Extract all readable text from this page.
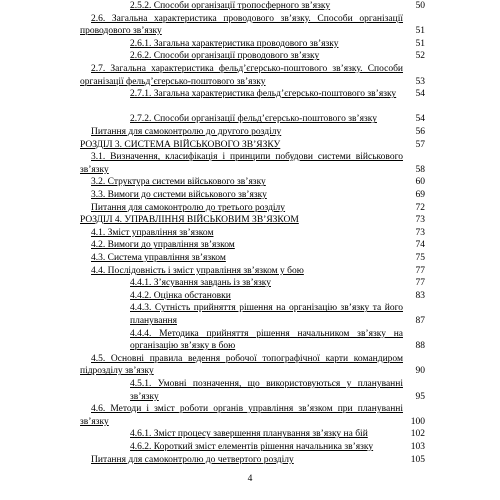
2.5.2. Способи організації тропосферного зв’язку	50
2.6. Загальна характеристика проводового зв’язку. Способи організації проводового зв’язку	51
2.6.1. Загальна характеристика проводового зв’язку	51
2.6.2. Способи організації проводового зв’язку	52
2.7. Загальна характеристика фельд’єгерсько-поштового зв’язку. Способи організації фельд’єгерсько-поштового зв’язку	53
2.7.1. Загальна характеристика фельд’єгерсько-поштового зв’язку	54
2.7.2. Способи організації фельд’єгерсько-поштового зв’язку	54
Питання для самоконтролю до другого розділу	56
РОЗДІЛ 3. СИСТЕМА ВІЙСЬКОВОГО ЗВ’ЯЗКУ	57
3.1. Визначення, класифікація і принципи побудови системи військового зв’язку	58
3.2. Структура системи військового зв’язку	60
3.3. Вимоги до системи військового зв’язку	69
Питання для самоконтролю до третього розділу	72
РОЗДІЛ 4. УПРАВЛІННЯ ВІЙСЬКОВИМ ЗВ’ЯЗКОМ	73
4.1. Зміст управління зв’язком	73
4.2. Вимоги до управління зв’язком	74
4.3. Система управління зв’язком	75
4.4. Послідовність і зміст управління зв’язком у бою	77
4.4.1. З’ясування завдань із зв’язку	77
4.4.2. Оцінка обстановки	83
4.4.3. Сутність прийняття рішення на організацію зв’язку та його планування	87
4.4.4. Методика прийняття рішення начальником зв’язку на організацію зв’язку в бою	88
4.5. Основні правила ведення робочої топографічної карти командиром підрозділу зв’язку	90
4.5.1. Умовні позначення, що використовуються у плануванні зв’язку	95
4.6. Методи і зміст роботи органів управління зв’язком при плануванні зв’язку	100
4.6.1. Зміст процесу завершення планування зв’язку на бій	102
4.6.2. Короткий зміст елементів рішення начальника зв’язку	103
Питання для самоконтролю до четвертого розділу	105
4
